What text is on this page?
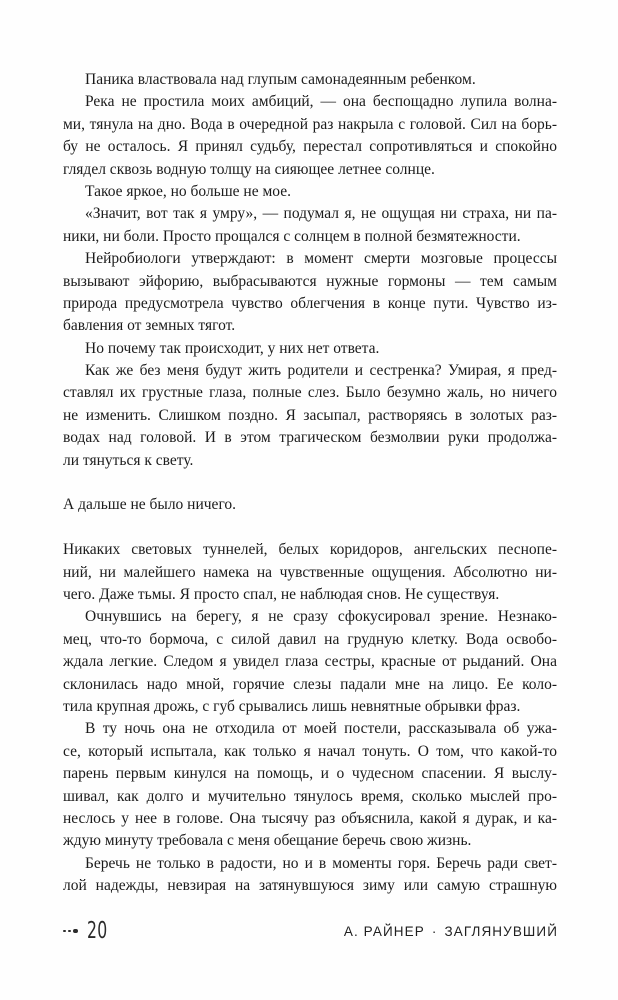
Паника властвовала над глупым самонадеянным ребенком.
Река не простила моих амбиций, — она беспощадно лупила волна-
ми, тянула на дно. Вода в очередной раз накрыла с головой. Сил на борь-
бу не осталось. Я принял судьбу, перестал сопротивляться и спокойно
глядел сквозь водную толщу на сияющее летнее солнце.
Такое яркое, но больше не мое.
«Значит, вот так я умру», — подумал я, не ощущая ни страха, ни па-
ники, ни боли. Просто прощался с солнцем в полной безмятежности.
Нейробиологи утверждают: в момент смерти мозговые процессы
вызывают эйфорию, выбрасываются нужные гормоны — тем самым
природа предусмотрела чувство облегчения в конце пути. Чувство из-
бавления от земных тягот.
Но почему так происходит, у них нет ответа.
Как же без меня будут жить родители и сестренка? Умирая, я пред-
ставлял их грустные глаза, полные слез. Было безумно жаль, но ничего
не изменить. Слишком поздно. Я засыпал, растворяясь в золотых раз-
водах над головой. И в этом трагическом безмолвии руки продолжа-
ли тянуться к свету.
А дальше не было ничего.
Никаких световых туннелей, белых коридоров, ангельских песнопе-
ний, ни малейшего намека на чувственные ощущения. Абсолютно ни-
чего. Даже тьмы. Я просто спал, не наблюдая снов. Не существуя.
Очнувшись на берегу, я не сразу сфокусировал зрение. Незнако-
мец, что-то бормоча, с силой давил на грудную клетку. Вода освобо-
ждала легкие. Следом я увидел глаза сестры, красные от рыданий. Она
склонилась надо мной, горячие слезы падали мне на лицо. Ее коло-
тила крупная дрожь, с губ срывались лишь невнятные обрывки фраз.
В ту ночь она не отходила от моей постели, рассказывала об ужа-
се, который испытала, как только я начал тонуть. О том, что какой-то
парень первым кинулся на помощь, и о чудесном спасении. Я выслу-
шивал, как долго и мучительно тянулось время, сколько мыслей про-
неслось у нее в голове. Она тысячу раз объяснила, какой я дурак, и ка-
ждую минуту требовала с меня обещание беречь свою жизнь.
Беречь не только в радости, но и в моменты горя. Беречь ради свет-
лой надежды, невзирая на затянувшуюся зиму или самую страшную
20	А. РАЙНЕР · ЗАГЛЯНУВШИЙ
